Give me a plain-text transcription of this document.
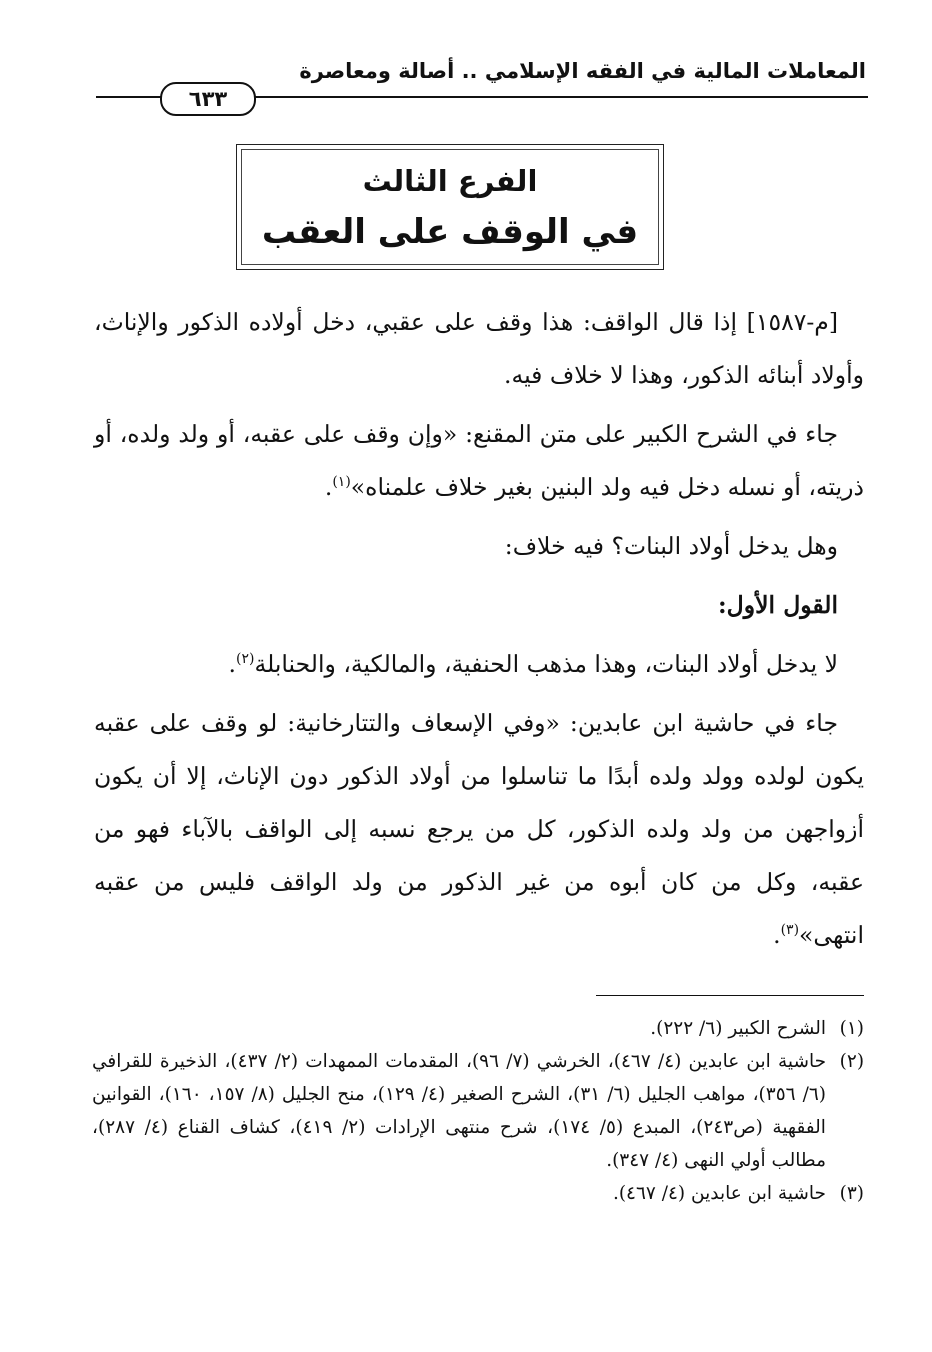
المعاملات المالية في الفقه الإسلامي .. أصالة ومعاصرة
٦٣٣
الفرع الثالث
في الوقف على العقب

[م-١٥٨٧] إذا قال الواقف: هذا وقف على عقبي، دخل أولاده الذكور والإناث، وأولاد أبنائه الذكور، وهذا لا خلاف فيه.

جاء في الشرح الكبير على متن المقنع: «وإن وقف على عقبه، أو ولد ولده، أو ذريته، أو نسله دخل فيه ولد البنين بغير خلاف علمناه»$^{(١)}$.

وهل يدخل أولاد البنات؟ فيه خلاف:

القول الأول:

لا يدخل أولاد البنات، وهذا مذهب الحنفية، والمالكية، والحنابلة$^{(٢)}$.

جاء في حاشية ابن عابدين: «وفي الإسعاف والتتارخانية: لو وقف على عقبه يكون لولده وولد ولده أبدًا ما تناسلوا من أولاد الذكور دون الإناث، إلا أن يكون أزواجهن من ولد ولده الذكور، كل من يرجع نسبه إلى الواقف بالآباء فهو من عقبه، وكل من كان أبوه من غير الذكور من ولد الواقف فليس من عقبه انتهى»$^{(٣)}$.

(١)الشرح الكبير (٦/ ٢٢٢).

(٢)حاشية ابن عابدين (٤/ ٤٦٧)، الخرشي (٧/ ٩٦)، المقدمات الممهدات (٢/ ٤٣٧)، الذخيرة للقرافي (٦/ ٣٥٦)، مواهب الجليل (٦/ ٣١)، الشرح الصغير (٤/ ١٢٩)، منح الجليل (٨/ ١٥٧، ١٦٠)، القوانين الفقهية (ص٢٤٣)، المبدع (٥/ ١٧٤)، شرح منتهى الإرادات (٢/ ٤١٩)، كشاف القناع (٤/ ٢٨٧)، مطالب أولي النهى (٤/ ٣٤٧).

(٣)حاشية ابن عابدين (٤/ ٤٦٧).
